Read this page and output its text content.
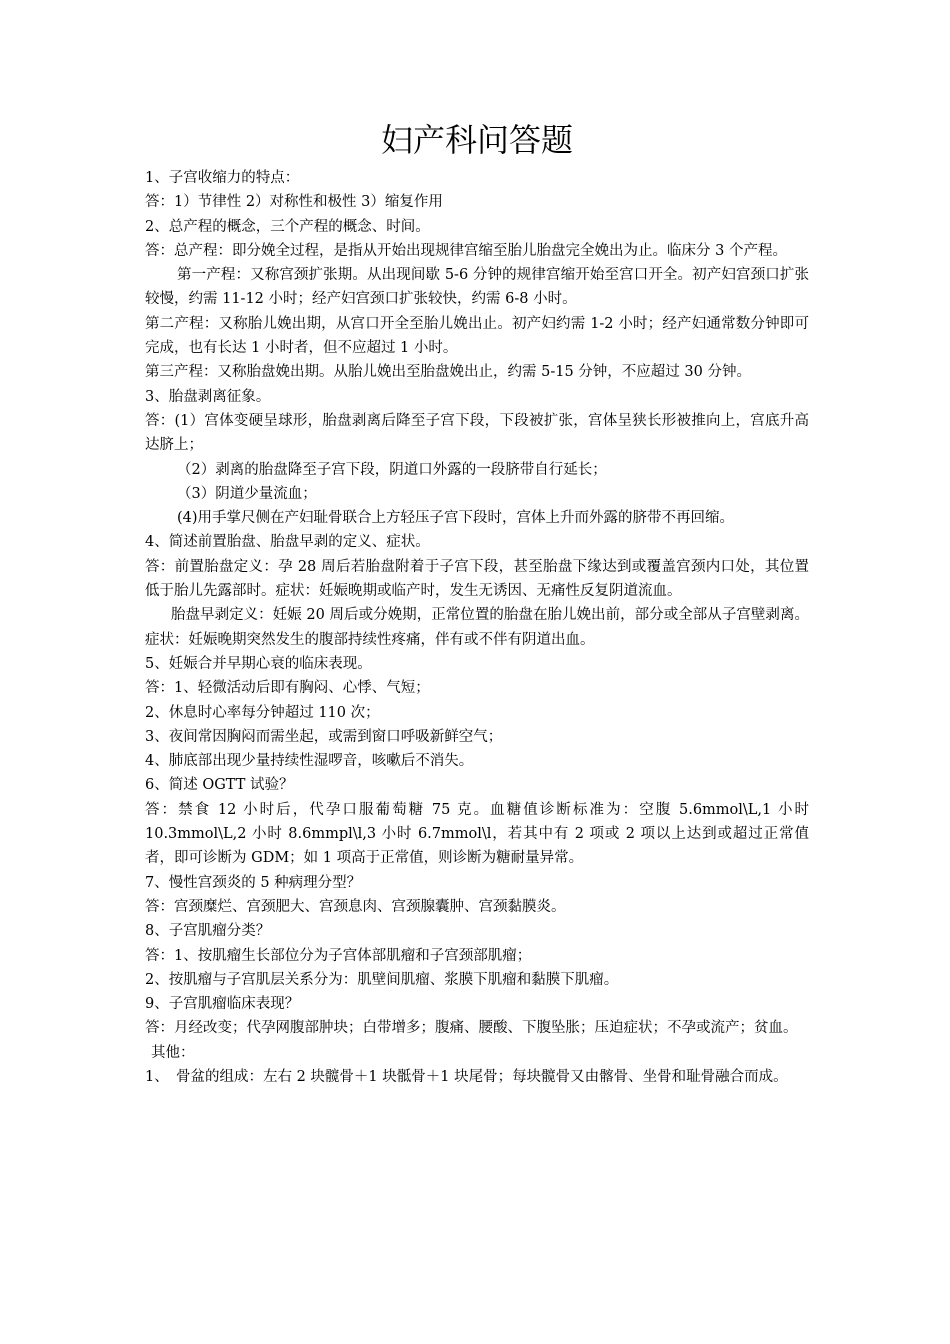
妇产科问答题

1、子宫收缩力的特点：

答：1）节律性 2）对称性和极性 3）缩复作用

2、总产程的概念，三个产程的概念、时间。

答：总产程：即分娩全过程，是指从开始出现规律宫缩至胎儿胎盘完全娩出为止。临床分 3 个产程。

第一产程：又称宫颈扩张期。从出现间歇 5-6 分钟的规律宫缩开始至宫口开全。初产妇宫颈口扩张较慢，约需 11-12 小时；经产妇宫颈口扩张较快，约需 6-8 小时。

第二产程：又称胎儿娩出期，从宫口开全至胎儿娩出止。初产妇约需 1-2 小时；经产妇通常数分钟即可完成，也有长达 1 小时者，但不应超过 1 小时。

第三产程：又称胎盘娩出期。从胎儿娩出至胎盘娩出止，约需 5-15 分钟，不应超过 30 分钟。

3、胎盘剥离征象。

答：(1）宫体变硬呈球形，胎盘剥离后降至子宫下段，下段被扩张，宫体呈狭长形被推向上，宫底升高达脐上；

（2）剥离的胎盘降至子宫下段，阴道口外露的一段脐带自行延长；

（3）阴道少量流血；

(4)用手掌尺侧在产妇耻骨联合上方轻压子宫下段时，宫体上升而外露的脐带不再回缩。

4、简述前置胎盘、胎盘早剥的定义、症状。

答：前置胎盘定义：孕 28 周后若胎盘附着于子宫下段，甚至胎盘下缘达到或覆盖宫颈内口处，其位置低于胎儿先露部时。症状：妊娠晚期或临产时，发生无诱因、无痛性反复阴道流血。

胎盘早剥定义：妊娠 20 周后或分娩期，正常位置的胎盘在胎儿娩出前，部分或全部从子宫壁剥离。症状：妊娠晚期突然发生的腹部持续性疼痛，伴有或不伴有阴道出血。

5、妊娠合并早期心衰的临床表现。

答：1、轻微活动后即有胸闷、心悸、气短；

2、休息时心率每分钟超过 110 次；

3、夜间常因胸闷而需坐起，或需到窗口呼吸新鲜空气；

4、肺底部出现少量持续性湿啰音，咳嗽后不消失。

6、简述 OGTT 试验？

答：禁食 12 小时后，代孕口服葡萄糖 75 克。血糖值诊断标准为：空腹 5.6mmol\L,1 小时 10.3mmol\L,2 小时 8.6mmpl\l,3 小时 6.7mmol\l，若其中有 2 项或 2 项以上达到或超过正常值者，即可诊断为 GDM；如 1 项高于正常值，则诊断为糖耐量异常。

7、慢性宫颈炎的 5 种病理分型？

答：宫颈糜烂、宫颈肥大、宫颈息肉、宫颈腺囊肿、宫颈黏膜炎。

8、子宫肌瘤分类？

答：1、按肌瘤生长部位分为子宫体部肌瘤和子宫颈部肌瘤；

2、按肌瘤与子宫肌层关系分为：肌壁间肌瘤、浆膜下肌瘤和黏膜下肌瘤。

9、子宫肌瘤临床表现？

答：月经改变；代孕网腹部肿块；白带增多；腹痛、腰酸、下腹坠胀；压迫症状；不孕或流产；贫血。

其他：

1、　骨盆的组成：左右 2 块髋骨＋1 块骶骨＋1 块尾骨；每块髋骨又由髂骨、坐骨和耻骨融合而成。
